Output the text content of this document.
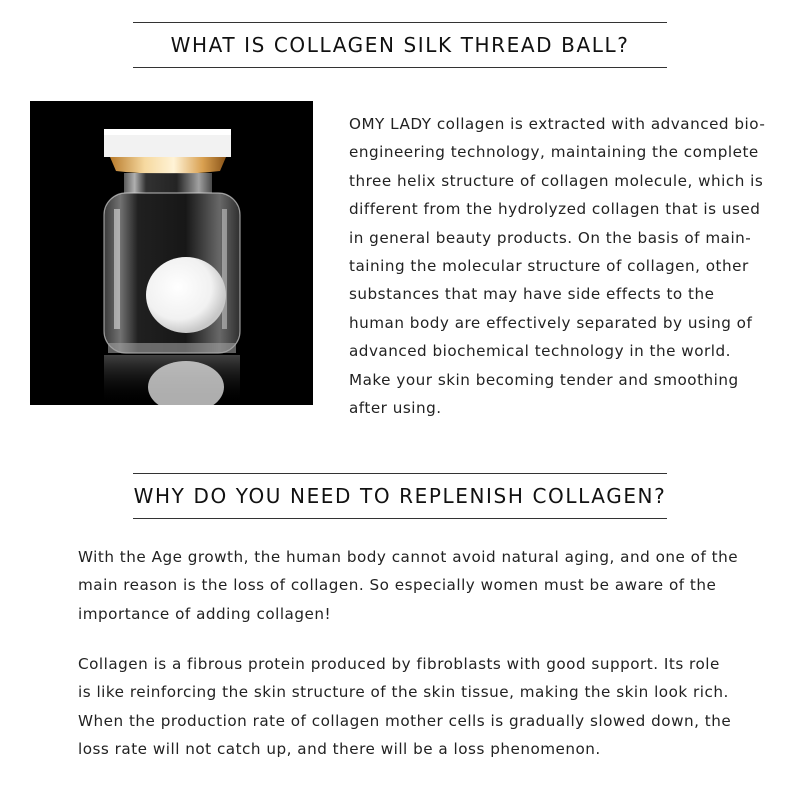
WHAT IS COLLAGEN SILK THREAD BALL?
OMY LADY collagen is extracted with advanced bio-
engineering technology, maintaining the complete
three helix structure of collagen molecule, which is
different from the hydrolyzed collagen that is used
in general beauty products. On the basis of main-
taining the molecular structure of collagen, other
substances that may have side effects to the
human body are effectively separated by using of
advanced biochemical technology in the world.
Make your skin becoming tender and smoothing
after using.
WHY DO YOU NEED TO REPLENISH COLLAGEN?
With the Age growth, the human body cannot avoid natural aging, and one of the
main reason is the loss of collagen. So especially women must be aware of the
importance of adding collagen!
Collagen is a fibrous protein produced by fibroblasts with good support. Its role
is like reinforcing the skin structure of the skin tissue, making the skin look rich.
When the production rate of collagen mother cells is gradually slowed down, the
loss rate will not catch up, and there will be a loss phenomenon.
